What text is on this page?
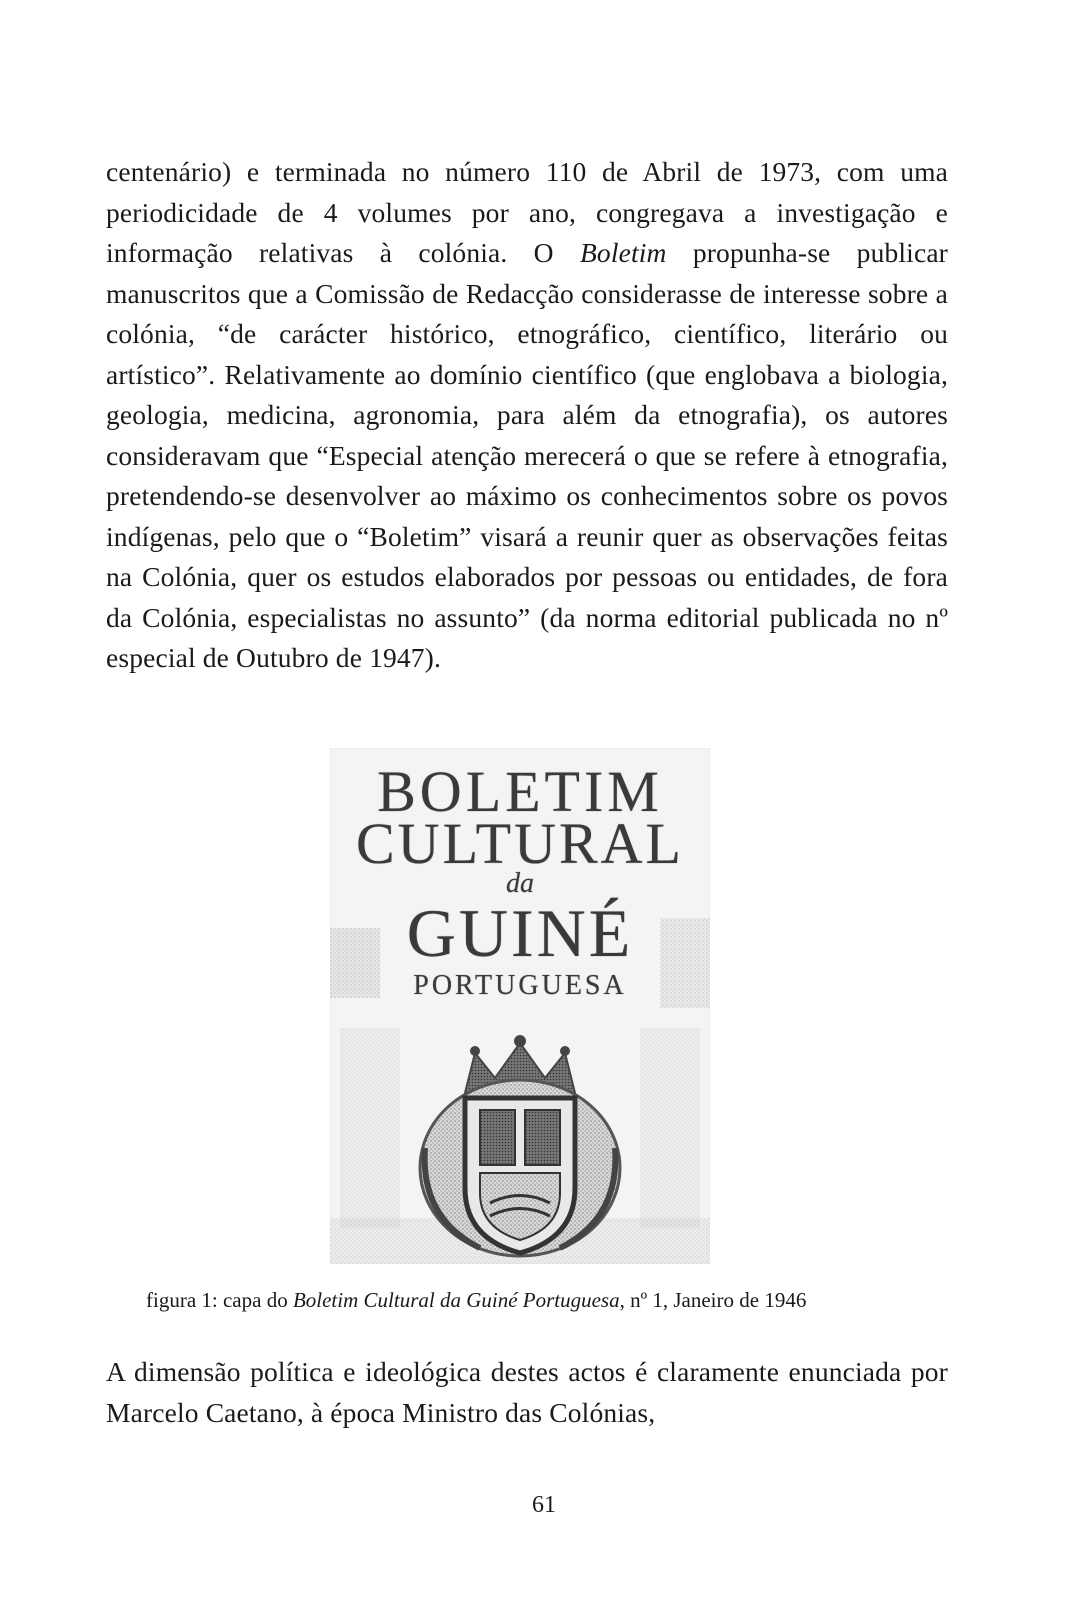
centenário) e terminada no número 110 de Abril de 1973, com uma periodicidade de 4 volumes por ano, congregava a investigação e informação relativas à colónia. O Boletim propunha-se publicar manuscritos que a Comissão de Redacção considerasse de interesse sobre a colónia, “de carácter histórico, etnográfico, científico, literário ou artístico”. Relativamente ao domínio científico (que englobava a biologia, geologia, medicina, agronomia, para além da etnografia), os autores consideravam que “Especial atenção merecerá o que se refere à etnografia, pretendendo-se desenvolver ao máximo os conhecimentos sobre os povos indígenas, pelo que o “Boletim” visará a reunir quer as observações feitas na Colónia, quer os estudos elaborados por pessoas ou entidades, de fora da Colónia, especialistas no assunto” (da norma editorial publicada no nº especial de Outubro de 1947).

BOLETIM
CULTURAL
da
GUINÉ
PORTUGUESA
figura 1: capa do Boletim Cultural da Guiné Portuguesa, nº 1, Janeiro de 1946

A dimensão política e ideológica destes actos é claramente enunciada por Marcelo Caetano, à época Ministro das Colónias,

61
